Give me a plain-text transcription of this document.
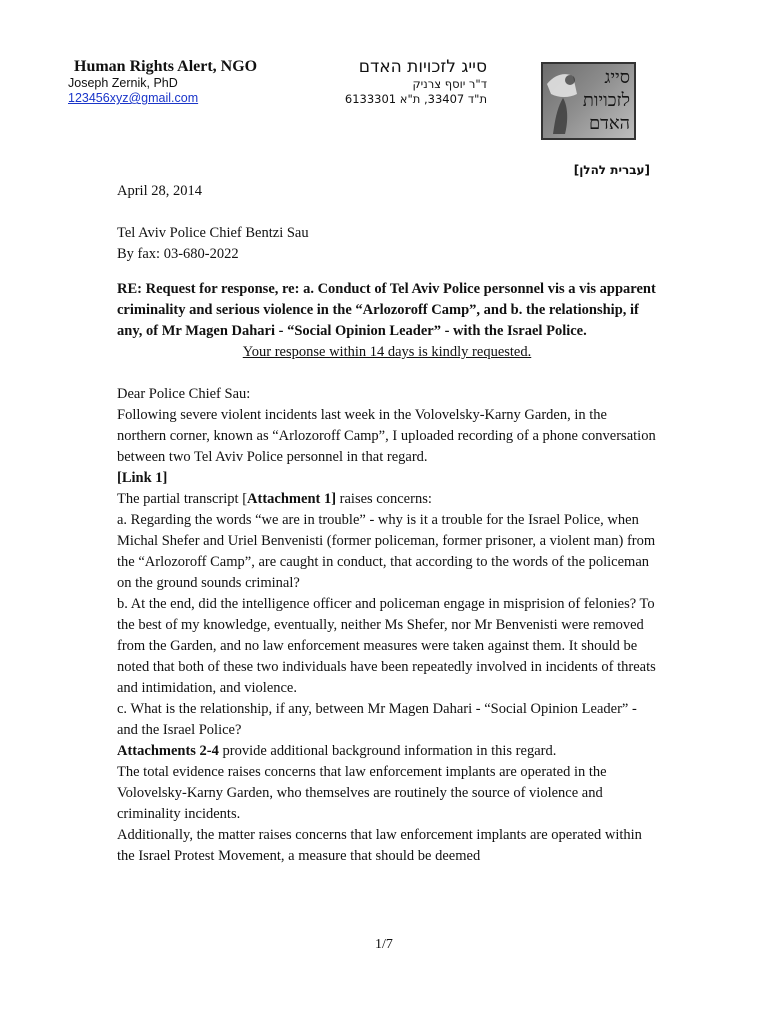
Human Rights Alert, NGO
Joseph Zernik, PhD
123456xyz@gmail.com
סייג לזכויות האדם
ד"ר יוסף צרניק
ת"ד 33407, ת"א 6133301
סייג
לזכויות
האדם
[עברית להלן]

April 28, 2014

Tel Aviv Police Chief Bentzi Sau

By fax: 03-680-2022

RE: Request for response, re: a. Conduct of Tel Aviv Police personnel vis a vis apparent criminality and serious violence in the “Arlozoroff Camp”, and b. the relationship, if any, of Mr Magen Dahari - “Social Opinion Leader” - with the Israel Police.

Your response within 14 days is kindly requested.

Dear Police Chief Sau:

Following severe violent incidents last week in the Volovelsky-Karny Garden, in the northern corner, known as “Arlozoroff Camp”, I uploaded recording of a phone conversation between two Tel Aviv Police personnel in that regard.

[Link 1]

The partial transcript [Attachment 1] raises concerns:

a. Regarding the words “we are in trouble” - why is it a trouble for the Israel Police, when Michal Shefer and Uriel Benvenisti (former policeman, former prisoner, a violent man) from the “Arlozoroff Camp”, are caught in conduct, that according to the words of the policeman on the ground sounds criminal?

b. At the end, did the intelligence officer and policeman engage in misprision of felonies? To the best of my knowledge, eventually, neither Ms Shefer, nor Mr Benvenisti were removed from the Garden, and no law enforcement measures were taken against them. It should be noted that both of these two individuals have been repeatedly involved in incidents of threats and intimidation, and violence.

c. What is the relationship, if any, between Mr Magen Dahari - “Social Opinion Leader” - and the Israel Police?

Attachments 2-4 provide additional background information in this regard.

The total evidence raises concerns that law enforcement implants are operated in the Volovelsky-Karny Garden, who themselves are routinely the source of violence and criminality incidents.

Additionally, the matter raises concerns that law enforcement implants are operated within the Israel Protest Movement, a measure that should be deemed

1/7
